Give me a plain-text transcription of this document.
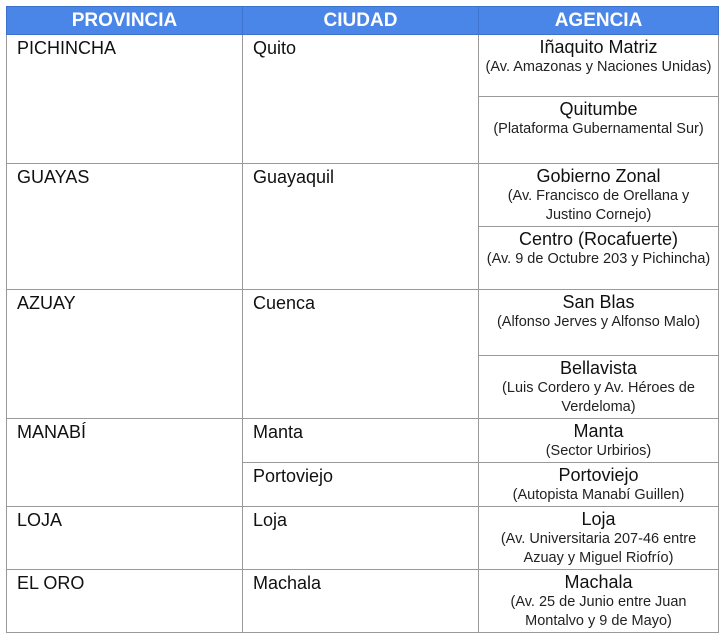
PROVINCIA	CIUDAD	AGENCIA
PICHINCHA	Quito	Iñaquito Matriz
(Av. Amazonas y Naciones Unidas)

		Quitumbe
(Plataforma Gubernamental Sur)

GUAYAS	Guayaquil	Gobierno Zonal
(Av. Francisco de Orellana y Justino Cornejo)

		Centro (Rocafuerte)
(Av. 9 de Octubre 203 y Pichincha)

AZUAY	Cuenca	San Blas
(Alfonso Jerves y Alfonso Malo)

		Bellavista
(Luis Cordero y Av. Héroes de Verdeloma)

MANABÍ	Manta	Manta
(Sector Urbirios)

	Portoviejo	Portoviejo
(Autopista Manabí Guillen)

LOJA	Loja	Loja
(Av. Universitaria 207-46 entre Azuay y Miguel Riofrío)

EL ORO	Machala	Machala
(Av. 25 de Junio entre Juan Montalvo y 9 de Mayo)
